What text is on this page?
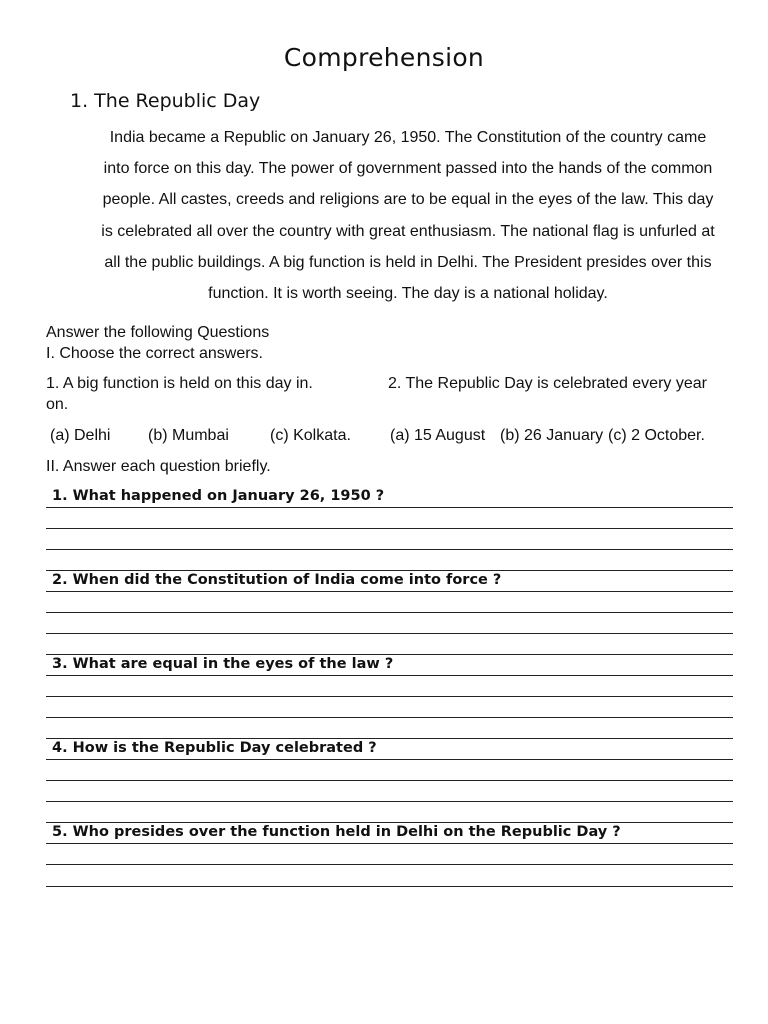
Comprehension
1. The Republic Day
India became a Republic on January 26, 1950. The Constitution of the country came
into force on this day. The power of government passed into the hands of the common
people. All castes, creeds and religions are to be equal in the eyes of the law. This day
is celebrated all over the country with great enthusiasm. The national flag is unfurled at
all the public buildings. A big function is held in Delhi. The President presides over this
function. It is worth seeing. The day is a national holiday.
Answer the following Questions
I. Choose the correct answers.
1. A big function is held on this day in.	2. The Republic Day is celebrated every year
on.
(a) Delhi (b) Mumbai	(c) Kolkata. (a) 15 August (b) 26 January (c) 2 October.
II. Answer each question briefly.
1. What happened on January 26, 1950 ?
2. When did the Constitution of India come into force ?
3. What are equal in the eyes of the law ?
4. How is the Republic Day celebrated ?
5. Who presides over the function held in Delhi on the Republic Day ?
